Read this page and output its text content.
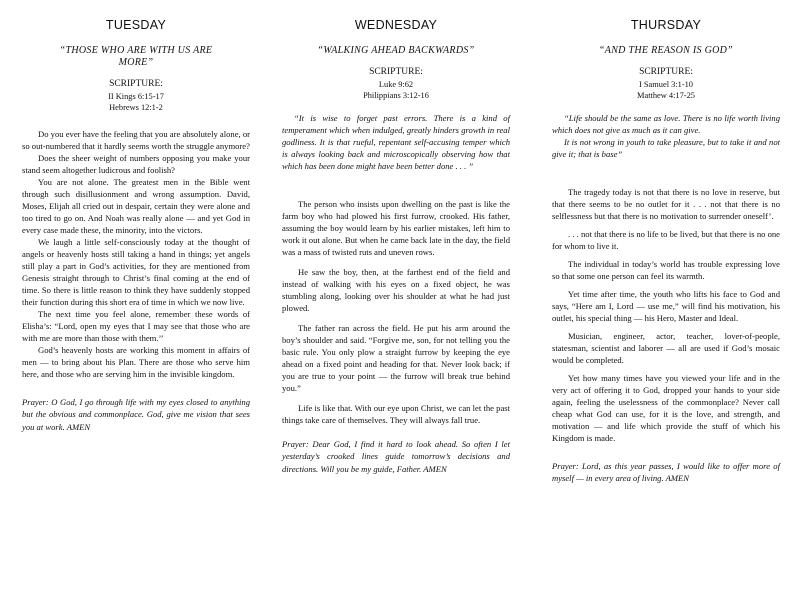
TUESDAY
“THOSE WHO ARE WITH US ARE MORE”
SCRIPTURE:
II Kings 6:15-17
Hebrews 12:1-2

Do you ever have the feeling that you are absolutely alone, or so out-numbered that it hardly seems worth the struggle anymore?

Does the sheer weight of numbers opposing you make your stand seem altogether ludicrous and foolish?

You are not alone. The greatest men in the Bible went through such disillusionment and wrong assumption. David, Moses, Elijah all cried out in despair, certain they were alone and too tired to go on. And Noah was really alone — and yet God in every case made these, the minority, into the victors.

We laugh a little self-consciously today at the thought of angels or heavenly hosts still taking a hand in things; yet angels still play a part in God’s activities, for they are mentioned from Genesis straight through to Christ’s final coming at the end of time. So there is little reason to think they have suddenly stopped their function during this short era of time in which we now live.

The next time you feel alone, remember these words of Elisha’s: “Lord, open my eyes that I may see that those who are with me are more than those with them.’’

God’s heavenly hosts are working this moment in affairs of men — to bring about his Plan. There are those who serve him here, and those who are serving him in the invisible kingdom.

Prayer: O God, I go through life with my eyes closed to anything but the obvious and commonplace. God, give me vision that sees you at work. AMEN
WEDNESDAY
“WALKING AHEAD BACKWARDS”
SCRIPTURE:
Luke 9:62
Philippians 3:12-16
“It is wise to forget past errors. There is a kind of temperament which when indulged, greatly hinders growth in real godliness. It is that rueful, repentant self-accusing temper which is always looking back and microscopically observing how that which has been done might have been better done . . . ”

The person who insists upon dwelling on the past is like the farm boy who had plowed his first furrow, crooked. His father, assuming the boy would learn by his earlier mistakes, left him to work it out alone. But when he came back late in the day, the field was a mass of twisted ruts and uneven rows.

He saw the boy, then, at the farthest end of the field and instead of walking with his eyes on a fixed object, he was stumbling along, looking over his shoulder at what he had just plowed.

The father ran across the field. He put his arm around the boy’s shoulder and said. “Forgive me, son, for not telling you the basic rule. You only plow a straight furrow by keeping the eye ahead on a fixed point and heading for that. Never look back; if you are true to your point — the furrow will break true behind you.”

Life is like that. With our eye upon Christ, we can let the past things take care of themselves. They will always fall true.

Prayer: Dear God, I find it hard to look ahead. So often I let yesterday’s crooked lines guide tomorrow’s decisions and directions. Will you be my guide, Father. AMEN
THURSDAY
“AND THE REASON IS GOD”
SCRIPTURE:
I Samuel 3:1-10
Matthew 4:17-25

“Life should be the same as love. There is no life worth living which does not give as much as it can give.

It is not wrong in youth to take pleasure, but to take it and not give it; that is base”

The tragedy today is not that there is no love in reserve, but that there seems to be no outlet for it . . . not that there is no selflessness but that there is no motivation to surrender oneself’.

. . . not that there is no life to be lived, but that there is no one for whom to live it.

The individual in today’s world has trouble expressing love so that some one person can feel its warmth.

Yet time after time, the youth who lifts his face to God and says, “Here am I, Lord — use me,” will find his motivation, his outlet, his special thing — his Hero, Master and Ideal.

Musician, engineer, actor, teacher, lover-of-people, statesman, scientist and laborer — all are used if God’s mosaic would be completed.

Yet how many times have you viewed your life and in the very act of offering it to God, dropped your hands to your side again, feeling the uselessness of the commonplace? Never call cheap what God can use, for it is the love, and strength, and motivation — and life which provide the stuff of which his Kingdom is made.

Prayer: Lord, as this year passes, I would like to offer more of myself — in every area of living. AMEN
